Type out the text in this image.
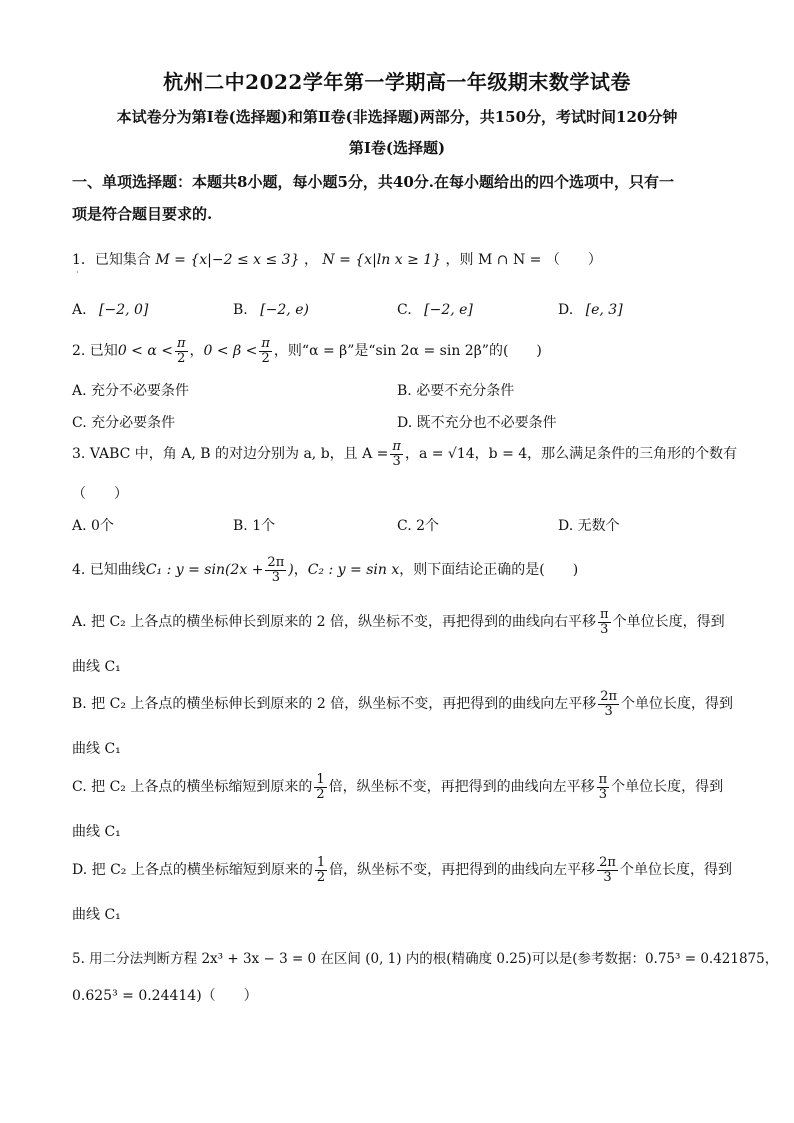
杭州二中2022学年第一学期高一年级期末数学试卷
本试卷分为第Ⅰ卷(选择题)和第Ⅱ卷(非选择题)两部分，共150分，考试时间120分钟
第Ⅰ卷(选择题)
一、单项选择题：本题共8小题，每小题5分，共40分.在每小题给出的四个选项中，只有一
项是符合题目要求的.
1．已知集合 M = {x|−2 ≤ x ≤ 3} ， N = {x|ln x ≥ 1} ，则 M ∩ N = （　　）
·
A. [−2, 0]	B. [−2, e)	C. [−2, e]	D. [e, 3]
2. 已知$0 < \alpha < \frac{\pi}{2}$ ，$0 < \beta < \frac{\pi}{2}$ ，则“α = β”是“sin 2α = sin 2β”的(　　)
A. 充分不必要条件	B. 必要不充分条件
C. 充分必要条件	D. 既不充分也不必要条件
3. VABC 中，角 A, B 的对边分别为 a, b，且 $A = \frac{\pi}{3}$ ，a = √14，b = 4，那么满足条件的三角形的个数有
（　　）
A. 0个	B. 1个	C. 2个	D. 无数个
4. 已知曲线C₁ : $y = \sin(2x + \frac{2\pi}{3}$ )，C₂ : y = sin x，则下面结论正确的是(　　)
A. 把 C₂ 上各点的横坐标伸长到原来的 2 倍，纵坐标不变，再把得到的曲线向右平移 $\frac{\pi}{3}$ 个单位长度，得到
曲线 C₁
B. 把 C₂ 上各点的横坐标伸长到原来的 2 倍，纵坐标不变，再把得到的曲线向左平移 $\frac{2\pi}{3}$ 个单位长度，得到
曲线 C₁
C. 把 C₂ 上各点的横坐标缩短到原来的 $\frac{1}{2}$ 倍，纵坐标不变，再把得到的曲线向左平移 $\frac{\pi}{3}$ 个单位长度，得到
曲线 C₁
D. 把 C₂ 上各点的横坐标缩短到原来的 $\frac{1}{2}$ 倍，纵坐标不变，再把得到的曲线向左平移 $\frac{2\pi}{3}$ 个单位长度，得到
曲线 C₁
5. 用二分法判断方程 2x³ + 3x − 3 = 0 在区间 (0, 1) 内的根(精确度 0.25)可以是(参考数据：0.75³ = 0.421875，
0.625³ = 0.24414)（　　）
